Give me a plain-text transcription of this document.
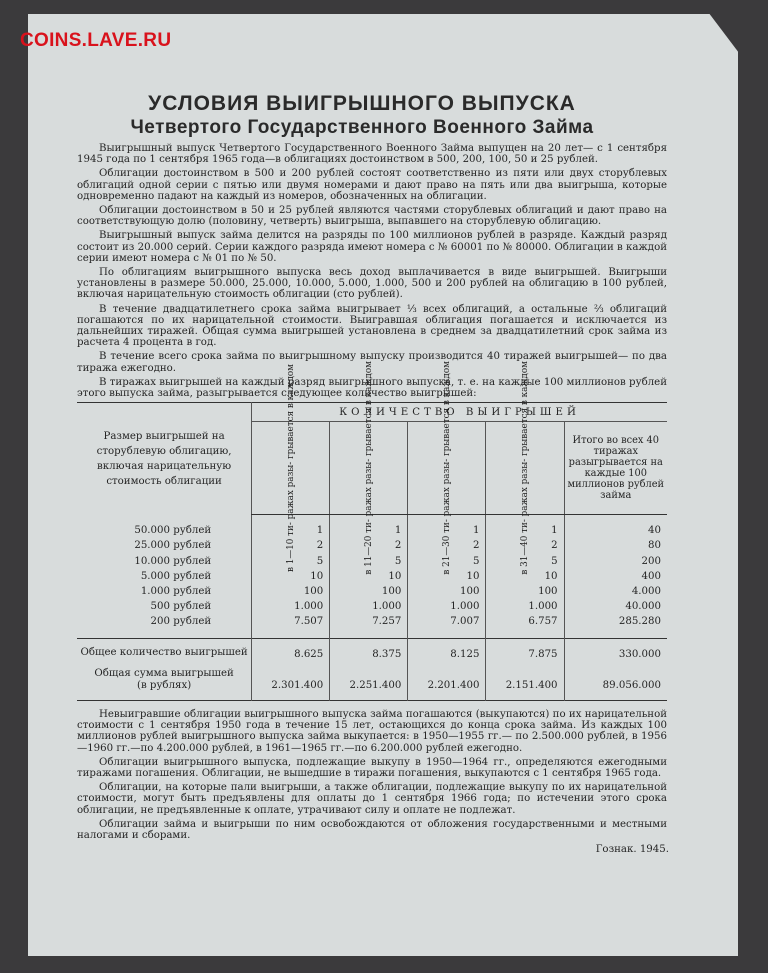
COINS.LAVE.RU
УСЛОВИЯ ВЫИГРЫШНОГО ВЫПУСКА
Четвертого Государственного Военного Займа

Выигрышный выпуск Четвертого Государственного Военного Займа выпущен на 20 лет— с 1 сентября 1945 года по 1 сентября 1965 года—в облигациях достоинством в 500, 200, 100, 50 и 25 рублей.

Облигации достоинством в 500 и 200 рублей состоят соответственно из пяти или двух сторублевых облигаций одной серии с пятью или двумя номерами и дают право на пять или два выигрыша, которые одновременно падают на каждый из номеров, обозначенных на облигации.

Облигации достоинством в 50 и 25 рублей являются частями сторублевых облигаций и дают право на соответствующую долю (половину, четверть) выигрыша, выпавшего на сторублевую облигацию.

Выигрышный выпуск займа делится на разряды по 100 миллионов рублей в разряде. Каждый разряд состоит из 20.000 серий. Серии каждого разряда имеют номера с № 60001 по № 80000. Облигации в каждой серии имеют номера с № 01 по № 50.

По облигациям выигрышного выпуска весь доход выплачивается в виде выигрышей. Выигрыши установлены в размере 50.000, 25.000, 10.000, 5.000, 1.000, 500 и 200 рублей на облигацию в 100 рублей, включая нарицательную стоимость облигации (сто рублей).

В течение двадцатилетнего срока займа выигрывает ⅓ всех облигаций, а остальные ⅔ облигаций погашаются по их нарицательной стоимости. Выигравшая облигация погашается и исключается из дальнейших тиражей. Общая сумма выигрышей установлена в среднем за двадцатилетний срок займа из расчета 4 процента в год.

В течение всего срока займа по выигрышному выпуску производится 40 тиражей выигрышей— по два тиража ежегодно.

В тиражах выигрышей на каждый разряд выигрышного выпуска, т. е. на каждые 100 миллионов рублей этого выпуска займа, разыгрывается следующее количество выигрышей:

Размер выигрышей на сторублевую облигацию, включая нарицательную стоимость облигации	КОЛИЧЕСТВО ВЫИГРЫШЕЙ				

	в 1—10 ти- ражах разы- грывается в каждом	в 11—20 ти- ражах разы- грывается в каждом	в 21—30 ти- ражах разы- грывается в каждом	в 31—40 ти- ражах разы- грывается в каждом	Итого во всех 40 тиражах разыгрывается на каждые 100 миллионов рублей займа
50.000 рублей	1	1	1	1	40
25.000 рублей	2	2	2	2	80
10.000 рублей	5	5	5	5	200
5.000 рублей	10	10	10	10	400
1.000 рублей	100	100	100	100	4.000
500 рублей	1.000	1.000	1.000	1.000	40.000
200 рублей	7.507	7.257	7.007	6.757	285.280
Общее количество выигрышей	8.625	8.375	8.125	7.875	330.000
Общая сумма выигрышей
(в рублях)	2.301.400	2.251.400	2.201.400	2.151.400	89.056.000

Невыигравшие облигации выигрышного выпуска займа погашаются (выкупаются) по их нарицательной стоимости с 1 сентября 1950 года в течение 15 лет, остающихся до конца срока займа. Из каждых 100 миллионов рублей выигрышного выпуска займа выкупается: в 1950—1955 гг.— по 2.500.000 рублей, в 1956—1960 гг.—по 4.200.000 рублей, в 1961—1965 гг.—по 6.200.000 рублей ежегодно.

Облигации выигрышного выпуска, подлежащие выкупу в 1950—1964 гг., определяются ежегодными тиражами погашения. Облигации, не вышедшие в тиражи погашения, выкупаются с 1 сентября 1965 года.

Облигации, на которые пали выигрыши, а также облигации, подлежащие выкупу по их нарицательной стоимости, могут быть предъявлены для оплаты до 1 сентября 1966 года; по истечении этого срока облигации, не предъявленные к оплате, утрачивают силу и оплате не подлежат.

Облигации займа и выигрыши по ним освобождаются от обложения государственными и местными налогами и сборами.

Гознак. 1945.
